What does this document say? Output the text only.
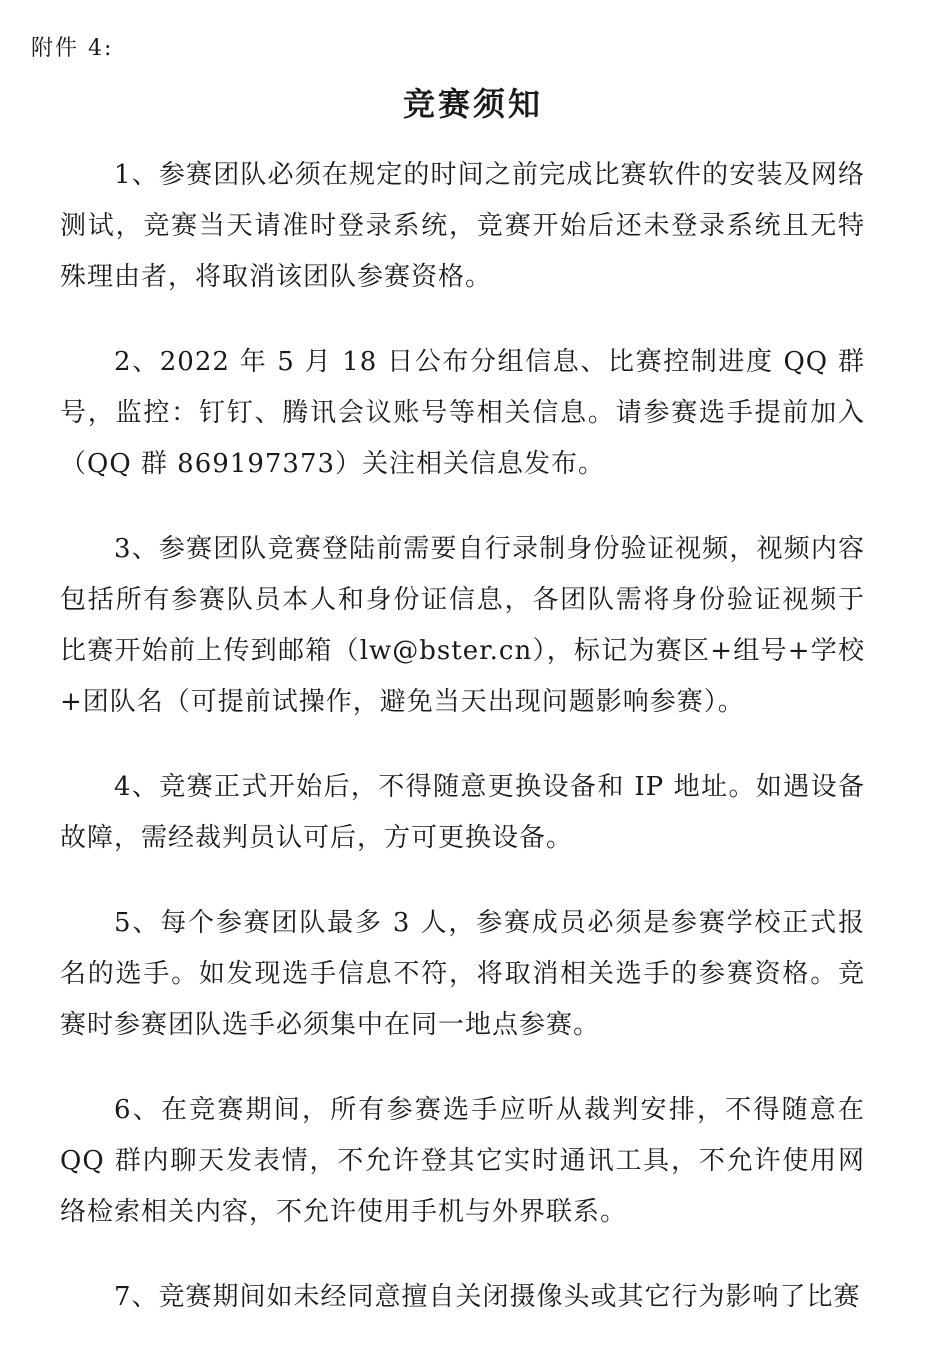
附件 4:

竞赛须知

1、参赛团队必须在规定的时间之前完成比赛软件的安装及网络测试，竞赛当天请准时登录系统，竞赛开始后还未登录系统且无特殊理由者，将取消该团队参赛资格。

2、2022 年 5 月 18 日公布分组信息、比赛控制进度 QQ 群号，监控：钉钉、腾讯会议账号等相关信息。请参赛选手提前加入（QQ 群 869197373）关注相关信息发布。

3、参赛团队竞赛登陆前需要自行录制身份验证视频，视频内容包括所有参赛队员本人和身份证信息，各团队需将身份验证视频于比赛开始前上传到邮箱（lw@bster.cn），标记为赛区+组号+学校+团队名（可提前试操作，避免当天出现问题影响参赛）。

4、竞赛正式开始后，不得随意更换设备和 IP 地址。如遇设备故障，需经裁判员认可后，方可更换设备。

5、每个参赛团队最多 3 人，参赛成员必须是参赛学校正式报名的选手。如发现选手信息不符，将取消相关选手的参赛资格。竞赛时参赛团队选手必须集中在同一地点参赛。

6、在竞赛期间，所有参赛选手应听从裁判安排，不得随意在 QQ 群内聊天发表情，不允许登其它实时通讯工具，不允许使用网络检索相关内容，不允许使用手机与外界联系。

7、竞赛期间如未经同意擅自关闭摄像头或其它行为影响了比赛
